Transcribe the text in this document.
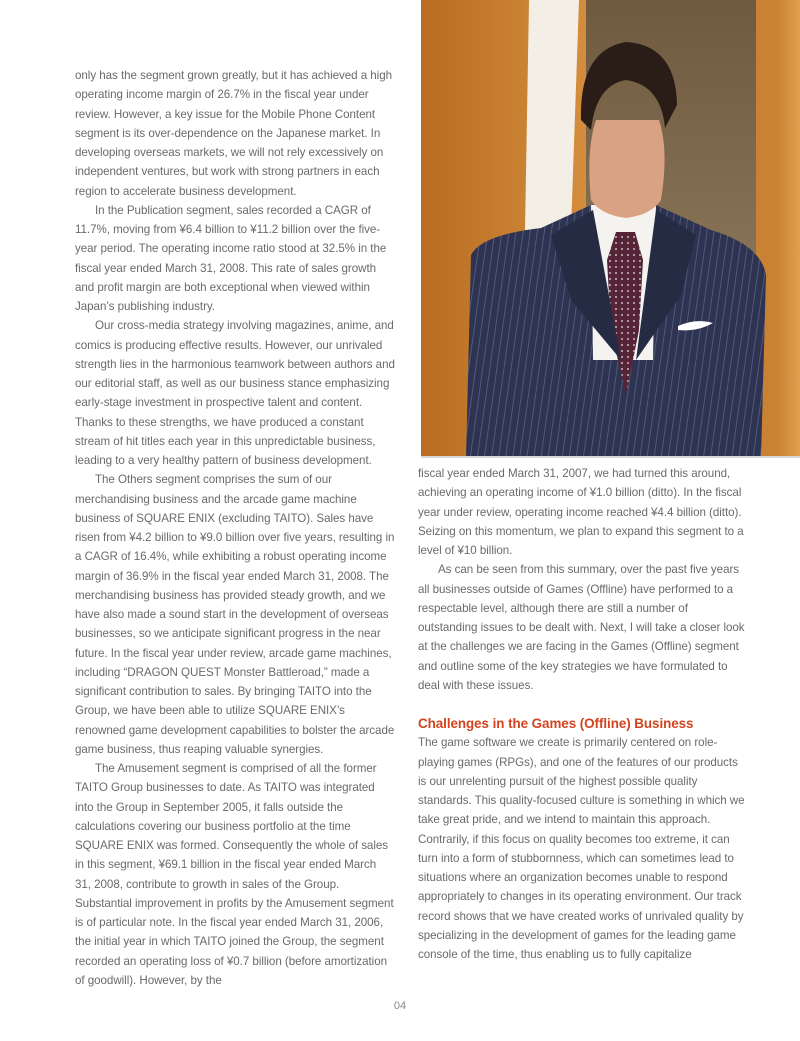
only has the segment grown greatly, but it has achieved a high operating income margin of 26.7% in the fiscal year under review. However, a key issue for the Mobile Phone Content segment is its over-dependence on the Japanese market. In developing overseas markets, we will not rely excessively on independent ventures, but work with strong partners in each region to accelerate business development.

In the Publication segment, sales recorded a CAGR of 11.7%, moving from ¥6.4 billion to ¥11.2 billion over the five-year period. The operating income ratio stood at 32.5% in the fiscal year ended March 31, 2008. This rate of sales growth and profit margin are both exceptional when viewed within Japan’s publishing industry.

Our cross-media strategy involving magazines, anime, and comics is producing effective results. However, our unrivaled strength lies in the harmonious teamwork between authors and our editorial staff, as well as our business stance emphasizing early-stage investment in prospective talent and content. Thanks to these strengths, we have produced a constant stream of hit titles each year in this unpredictable business, leading to a very healthy pattern of business development.

The Others segment comprises the sum of our merchandising business and the arcade game machine business of SQUARE ENIX (excluding TAITO). Sales have risen from ¥4.2 billion to ¥9.0 billion over five years, resulting in a CAGR of 16.4%, while exhibiting a robust operating income margin of 36.9% in the fiscal year ended March 31, 2008. The merchandising business has provided steady growth, and we have also made a sound start in the development of overseas businesses, so we anticipate significant progress in the near future. In the fiscal year under review, arcade game machines, including “DRAGON QUEST Monster Battleroad,” made a significant contribution to sales. By bringing TAITO into the Group, we have been able to utilize SQUARE ENIX’s renowned game development capabilities to bolster the arcade game business, thus reaping valuable synergies.

The Amusement segment is comprised of all the former TAITO Group businesses to date. As TAITO was integrated into the Group in September 2005, it falls outside the calculations covering our business portfolio at the time SQUARE ENIX was formed. Consequently the whole of sales in this segment, ¥69.1 billion in the fiscal year ended March 31, 2008, contribute to growth in sales of the Group. Substantial improvement in profits by the Amusement segment is of particular note. In the fiscal year ended March 31, 2006, the initial year in which TAITO joined the Group, the segment recorded an operating loss of ¥0.7 billion (before amortization of goodwill). However, by the

fiscal year ended March 31, 2007, we had turned this around, achieving an operating income of ¥1.0 billion (ditto). In the fiscal year under review, operating income reached ¥4.4 billion (ditto). Seizing on this momentum, we plan to expand this segment to a level of ¥10 billion.

As can be seen from this summary, over the past five years all businesses outside of Games (Offline) have performed to a respectable level, although there are still a number of outstanding issues to be dealt with. Next, I will take a closer look at the challenges we are facing in the Games (Offline) segment and outline some of the key strategies we have formulated to deal with these issues.

Challenges in the Games (Offline) Business

The game software we create is primarily centered on role-playing games (RPGs), and one of the features of our products is our unrelenting pursuit of the highest possible quality standards. This quality-focused culture is something in which we take great pride, and we intend to maintain this approach. Contrarily, if this focus on quality becomes too extreme, it can turn into a form of stubbornness, which can sometimes lead to situations where an organization becomes unable to respond appropriately to changes in its operating environment. Our track record shows that we have created works of unrivaled quality by specializing in the development of games for the leading game console of the time, thus enabling us to fully capitalize

04
